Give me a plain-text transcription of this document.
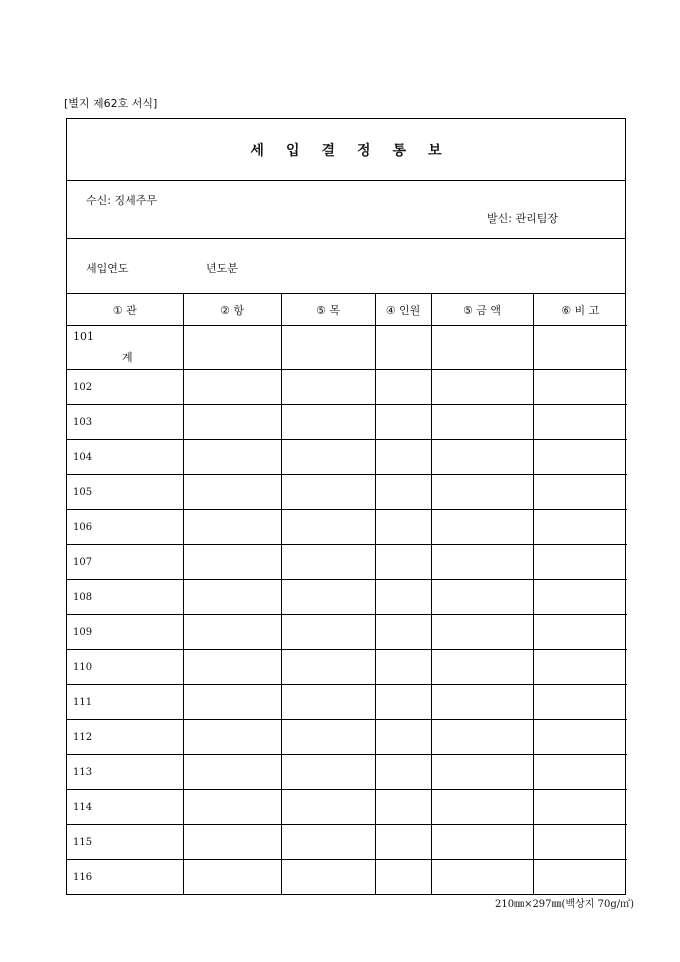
[별지 제62호 서식]
세입결정통보
수신: 징세주무
발신: 관리팀장
세입연도	년도분
① 관	② 항	⑤ 목	④ 인원	⑤ 금 액	⑥ 비 고

101
계					

102					
103					
104					
105					
106					
107					
108					
109					
110					
111					
112					
113					
114					
115					
116					
210㎜×297㎜(백상지 70g/㎡)
